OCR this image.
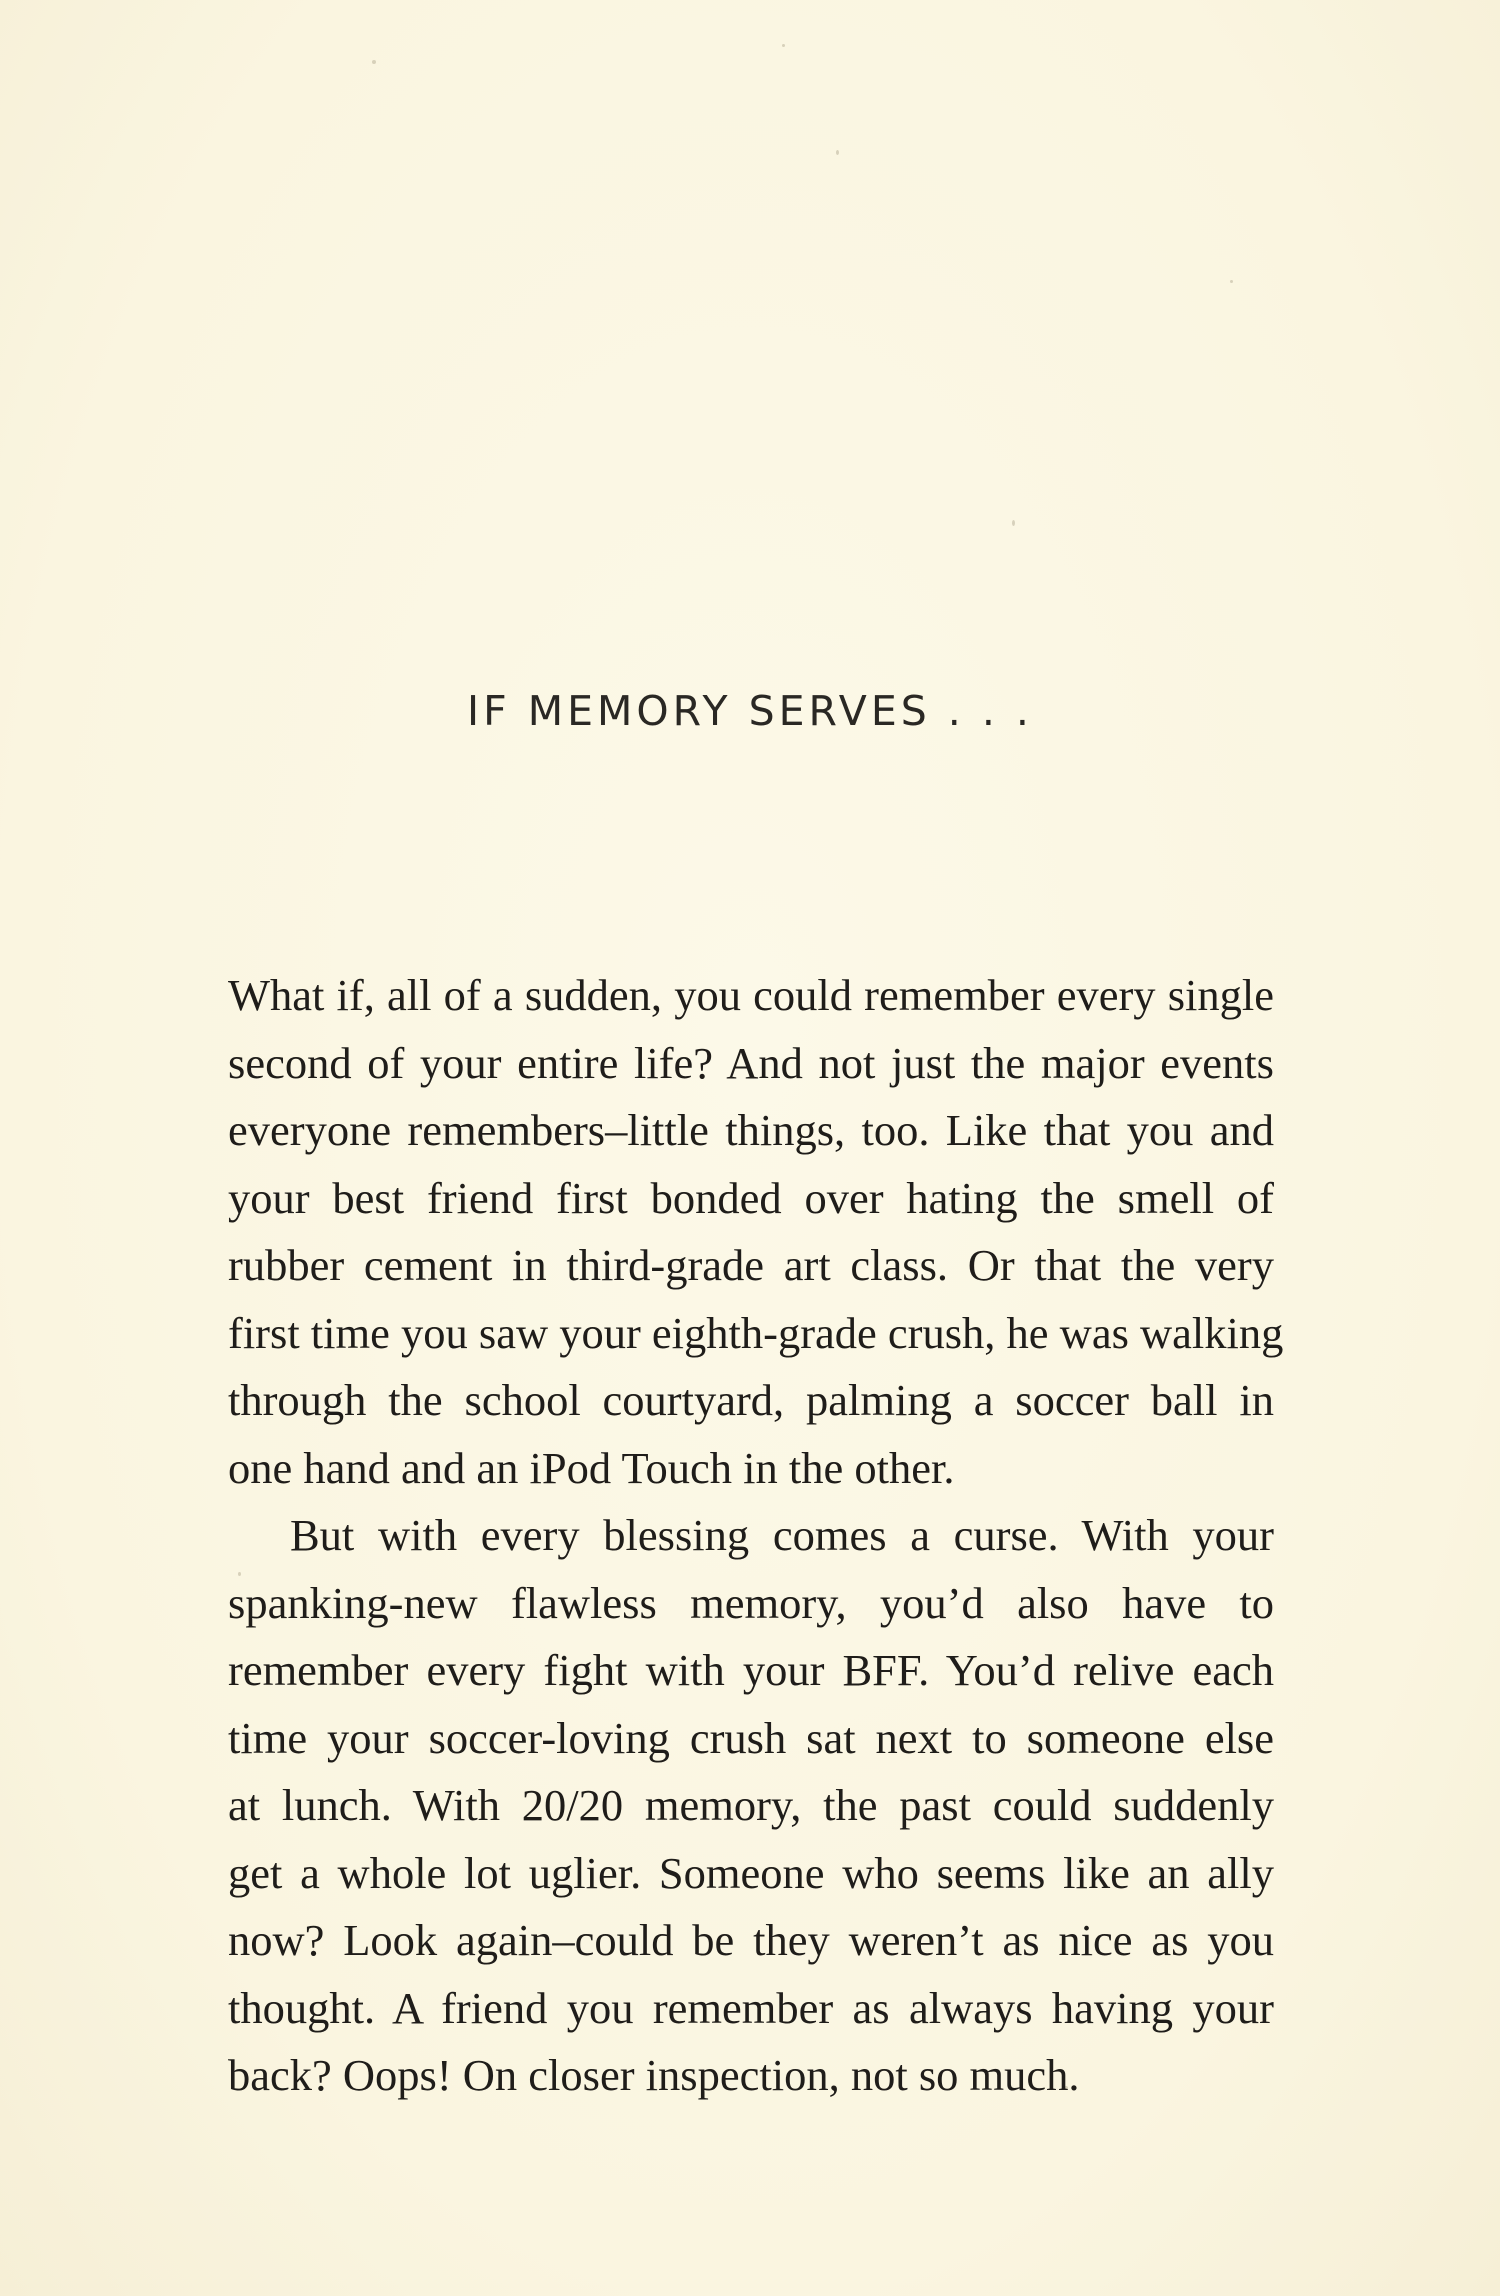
IF MEMORY SERVES . . .

What if, all of a sudden, you could remember every single
second of your entire life? And not just the major events
everyone remembers–little things, too. Like that you and
your best friend first bonded over hating the smell of
rubber cement in third-grade art class. Or that the very
first time you saw your eighth-grade crush, he was walking
through the school courtyard, palming a soccer ball in
one hand and an iPod Touch in the other.

But with every blessing comes a curse. With your
spanking-new flawless memory, you’d also have to
remember every fight with your BFF. You’d relive each
time your soccer-loving crush sat next to someone else
at lunch. With 20/20 memory, the past could suddenly
get a whole lot uglier. Someone who seems like an ally
now? Look again–could be they weren’t as nice as you
thought. A friend you remember as always having your
back? Oops! On closer inspection, not so much.
